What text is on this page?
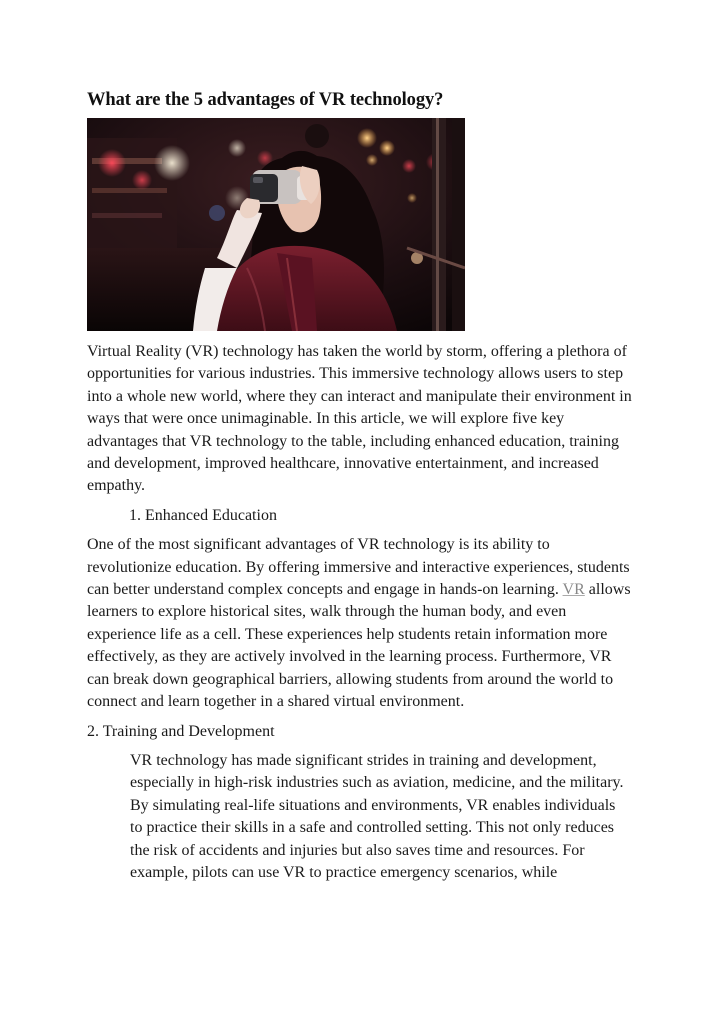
What are the 5 advantages of VR technology?

Virtual Reality (VR) technology has taken the world by storm, offering a plethora of opportunities for various industries. This immersive technology allows users to step into a whole new world, where they can interact and manipulate their environment in ways that were once unimaginable. In this article, we will explore five key advantages that VR technology to the table, including enhanced education, training and development, improved healthcare, innovative entertainment, and increased empathy.

1. Enhanced Education

One of the most significant advantages of VR technology is its ability to revolutionize education. By offering immersive and interactive experiences, students can better understand complex concepts and engage in hands-on learning. VR allows learners to explore historical sites, walk through the human body, and even experience life as a cell. These experiences help students retain information more effectively, as they are actively involved in the learning process. Furthermore, VR can break down geographical barriers, allowing students from around the world to connect and learn together in a shared virtual environment.

2. Training and Development

VR technology has made significant strides in training and development, especially in high-risk industries such as aviation, medicine, and the military. By simulating real-life situations and environments, VR enables individuals to practice their skills in a safe and controlled setting. This not only reduces the risk of accidents and injuries but also saves time and resources. For example, pilots can use VR to practice emergency scenarios, while
